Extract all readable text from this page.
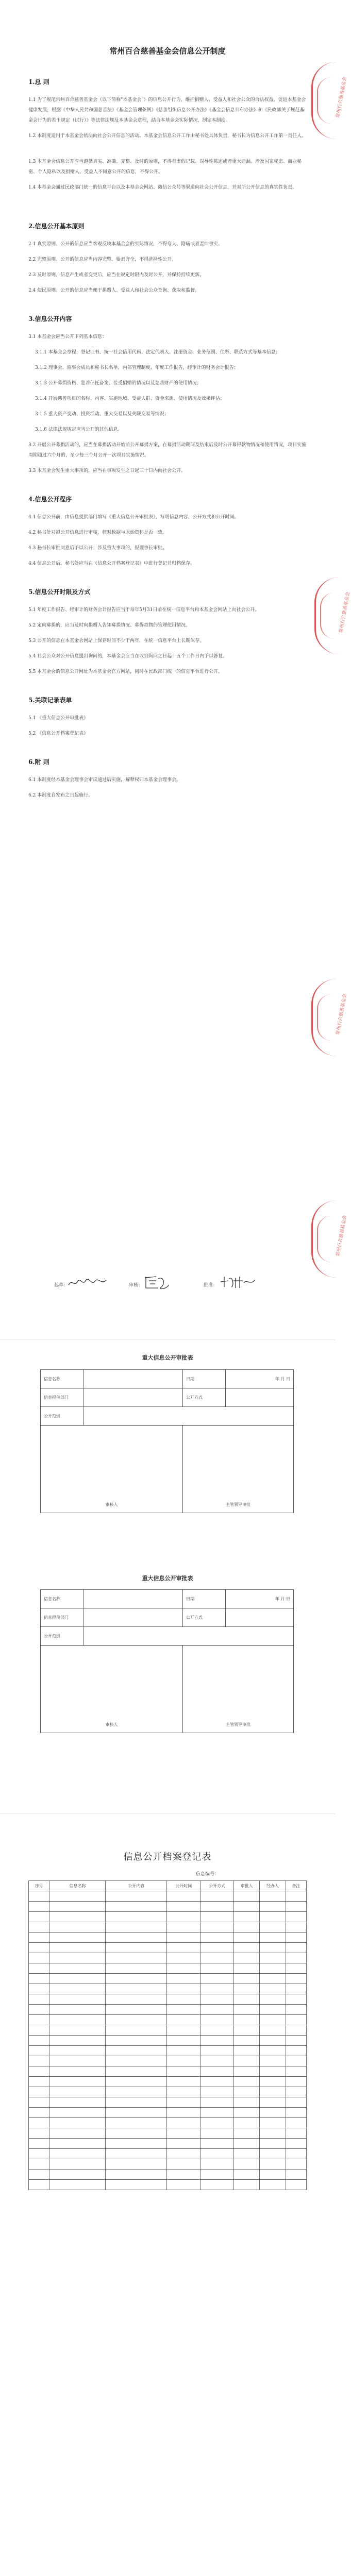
常州百合慈善基金会信息公开制度
1.总 则
1.1 为了规范常州百合慈善基金会（以下简称"本基金会"）的信息公开行为，维护捐赠人、受益人和社会公众的合法权益，促进本基金会健康发展，根据《中华人民共和国慈善法》《基金会管理条例》《慈善组织信息公开办法》《基金会信息公布办法》和《民政部关于规范基金会行为的若干规定（试行）》等法律法规及本基金会章程，结合本基金会实际情况，制定本制度。
1.2 本制度适用于本基金会依法向社会公开信息的活动。本基金会信息公开工作由秘书处具体负责，秘书长为信息公开工作第一责任人。
1.3 本基金会信息公开应当遵循真实、准确、完整、及时的原则，不得有虚假记载、误导性陈述或者重大遗漏。涉及国家秘密、商业秘密、个人隐私以及捐赠人、受益人不同意公开的信息，不得公开。
1.4 本基金会通过民政部门统一的信息平台以及本基金会网站、微信公众号等渠道向社会公开信息，并对所公开信息的真实性负责。
2.信息公开基本原则
2.1 真实原则。公开的信息应当客观反映本基金会的实际情况，不得夸大、隐瞒或者歪曲事实。
2.2 完整原则。公开的信息应当内容完整、要素齐全，不得选择性公开。
2.3 及时原则。信息产生或者变更后，应当在规定时限内及时公开，并保持持续更新。
2.4 便民原则。公开的信息应当便于捐赠人、受益人和社会公众查询、获取和监督。
3.信息公开内容
3.1 本基金会应当公开下列基本信息：
3.1.1 本基金会章程、登记证书、统一社会信用代码、法定代表人、注册资金、业务范围、住所、联系方式等基本信息；
3.1.2 理事会、监事会成员和秘书长名单，内部管理制度，年度工作报告，经审计的财务会计报告；
3.1.3 公开募捐资格、慈善信托备案、接受捐赠的情况以及慈善财产的使用情况；
3.1.4 开展慈善项目的名称、内容、实施地域、受益人群、资金来源、使用情况及效果评估；
3.1.5 重大资产变动、投资活动、重大交易以及关联交易等情况；
3.1.6 法律法规规定应当公开的其他信息。
3.2 开展公开募捐活动的，应当在募捐活动开始前公开募捐方案，在募捐活动期间及结束后及时公开募得款物情况和使用情况，项目实施周期超过六个月的，至少每三个月公开一次项目实施情况。
3.3 本基金会发生重大事项的，应当在事项发生之日起三十日内向社会公开。
4.信息公开程序
4.1 信息公开前，由信息提供部门填写《重大信息公开审批表》，写明信息内容、公开方式和公开时间。
4.2 秘书处对拟公开信息进行审核，核对数据与原始资料是否一致。
4.3 秘书长审批同意后予以公开；涉及重大事项的，报理事长审批。
4.4 信息公开后，秘书处应当在《信息公开档案登记表》中进行登记并归档保存。
5.信息公开时限及方式
5.1 年度工作报告、经审计的财务会计报告应当于每年5月31日前在统一信息平台和本基金会网站上向社会公开。
5.2 定向募捐的，应当及时向捐赠人告知募捐情况、募得款物的管理使用情况。
5.3 公开的信息在本基金会网站上保存时间不少于两年，在统一信息平台上长期保存。
5.4 社会公众对公开信息提出询问的，本基金会应当在收到询问之日起十五个工作日内予以答复。
5.5 本基金会的信息公开网址为本基金会官方网站，同时在民政部门统一的信息平台进行公开。
5.关联记录表单
5.1 《重大信息公开审批表》
5.2 《信息公开档案登记表》
6.附 则
6.1 本制度经本基金会理事会审议通过后实施，解释权归本基金会理事会。
6.2 本制度自发布之日起施行。
常州百合慈善基金会
常州百合慈善基金会
常州百合慈善基金会
常州百合慈善基金会
起草：	审核：	批准：
重大信息公开审批表
信息名称		日期	年 月 日
信息提供部门		公开方式	
公开范围			
审核人		主管领导审批	
重大信息公开审批表
信息名称		日期	年 月 日
信息提供部门		公开方式	
公开范围			
审核人		主管领导审批	
信息公开档案登记表
信息编号：
序号	信息名称	公开内容	公开时间	公开方式	审批人	经办人	备注
